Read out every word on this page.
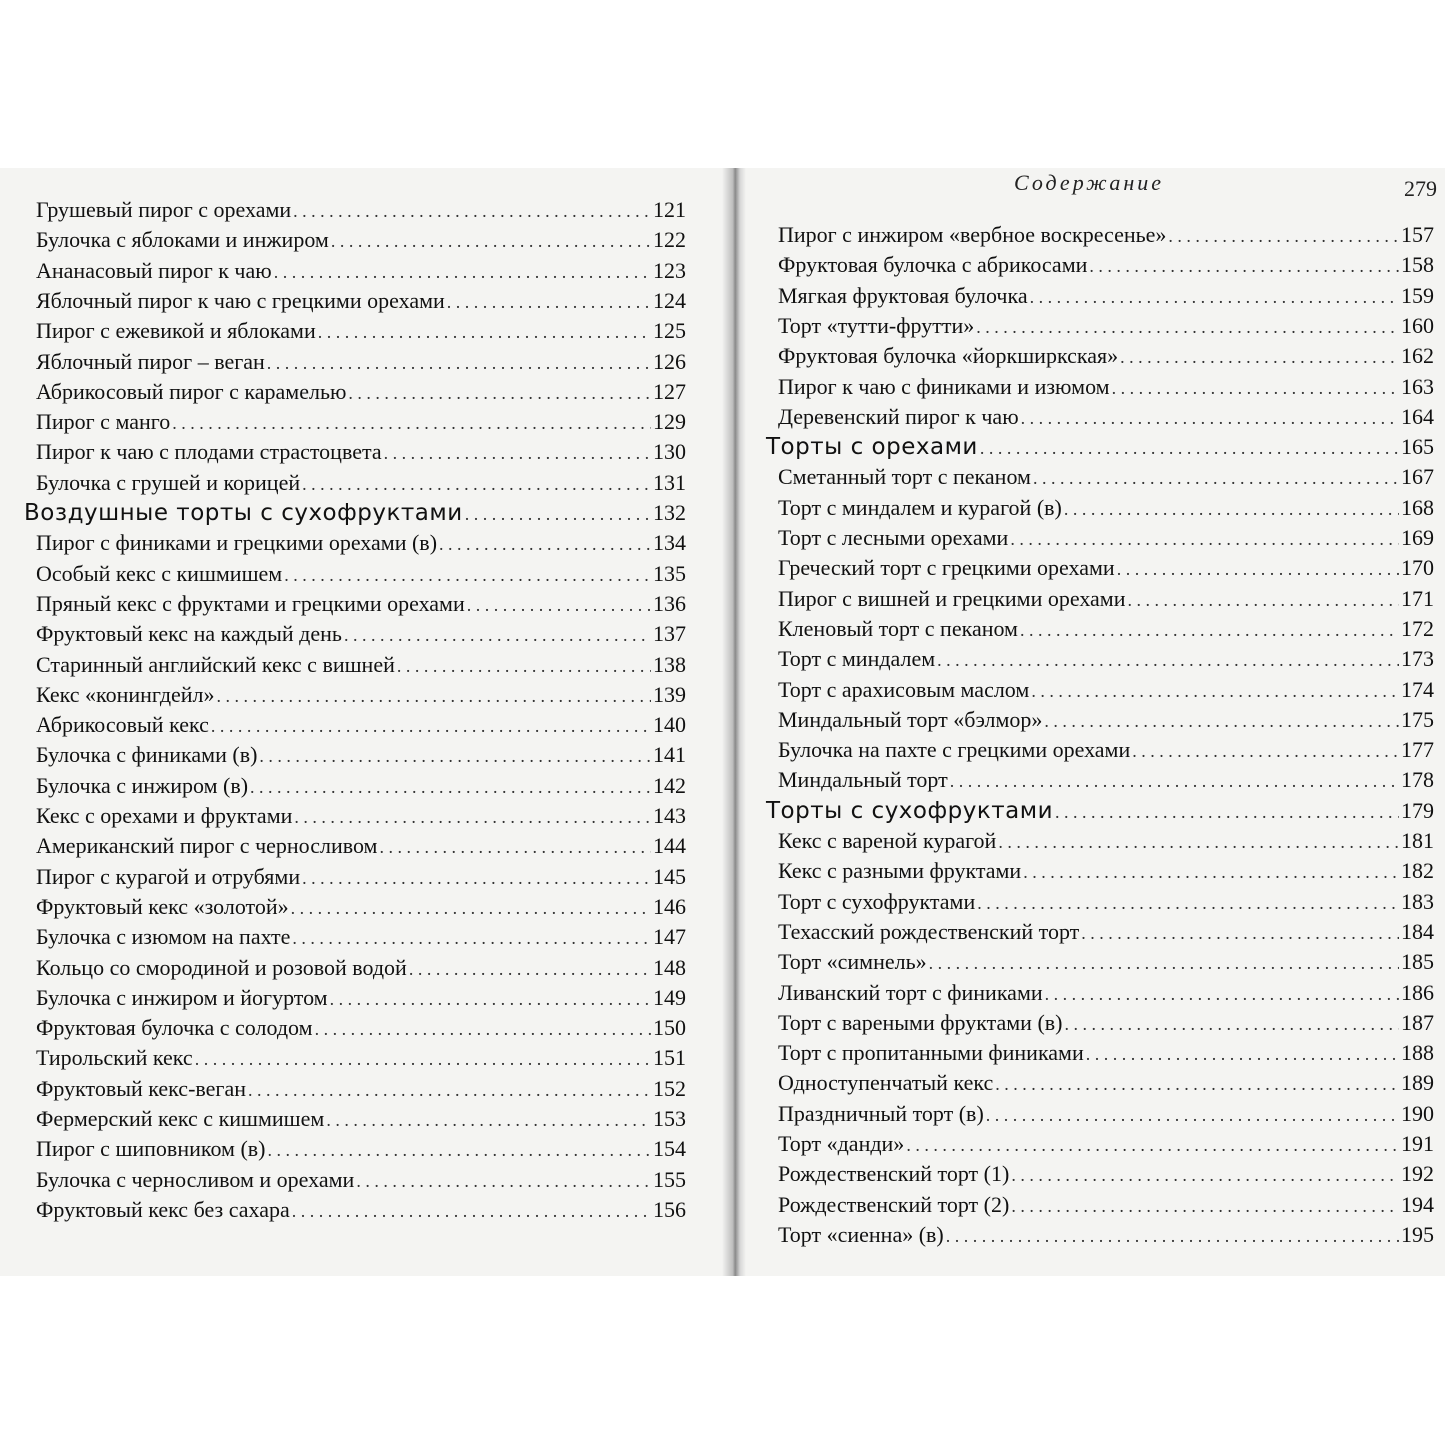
Грушевый пирог с орехами . . .	121
Булочка с яблоками и инжиром . . .	122
Ананасовый пирог к чаю . . .	123
Яблочный пирог к чаю с грецкими орехами . . .	124
Пирог с ежевикой и яблоками . . .	125
Яблочный пирог – веган . . .	126
Абрикосовый пирог с карамелью . . .	127
Пирог с манго . . .	129
Пирог к чаю с плодами страстоцвета . . .	130
Булочка с грушей и корицей . . .	131
Воздушные торты с сухофруктами . . .	132
Пирог с финиками и грецкими орехами (в) . . .	134
Особый кекс с кишмишем . . .	135
Пряный кекс с фруктами и грецкими орехами . . .	136
Фруктовый кекс на каждый день . . .	137
Старинный английский кекс с вишней . . .	138
Кекс «конингдейл» . . .	139
Абрикосовый кекс . . .	140
Булочка с финиками (в) . . .	141
Булочка с инжиром (в) . . .	142
Кекс с орехами и фруктами . . .	143
Американский пирог с черносливом . . .	144
Пирог с курагой и отрубями . . .	145
Фруктовый кекс «золотой» . . .	146
Булочка с изюмом на пахте . . .	147
Кольцо со смородиной и розовой водой . . .	148
Булочка с инжиром и йогуртом . . .	149
Фруктовая булочка с солодом . . .	150
Тирольский кекс . . .	151
Фруктовый кекс-веган . . .	152
Фермерский кекс с кишмишем . . .	153
Пирог с шиповником (в) . . .	154
Булочка с черносливом и орехами . . .	155
Фруктовый кекс без сахара . . .	156
Содержание	279
Пирог с инжиром «вербное воскресенье» . . .	157
Фруктовая булочка с абрикосами . . .	158
Мягкая фруктовая булочка . . .	159
Торт «тутти-фрутти» . . .	160
Фруктовая булочка «йоркширкская» . . .	162
Пирог к чаю с финиками и изюмом . . .	163
Деревенский пирог к чаю . . .	164
Торты с орехами . . .	165
Сметанный торт с пеканом . . .	167
Торт с миндалем и курагой (в) . . .	168
Торт с лесными орехами . . .	169
Греческий торт с грецкими орехами . . .	170
Пирог с вишней и грецкими орехами . . .	171
Кленовый торт с пеканом . . .	172
Торт с миндалем . . .	173
Торт с арахисовым маслом . . .	174
Миндальный торт «бэлмор» . . .	175
Булочка на пахте с грецкими орехами . . .	177
Миндальный торт . . .	178
Торты с сухофруктами . . .	179
Кекс с вареной курагой . . .	181
Кекс с разными фруктами . . .	182
Торт с сухофруктами . . .	183
Техасский рождественский торт . . .	184
Торт «симнель» . . .	185
Ливанский торт с финиками . . .	186
Торт с вареными фруктами (в) . . .	187
Торт с пропитанными финиками . . .	188
Одноступенчатый кекс . . .	189
Праздничный торт (в) . . .	190
Торт «данди» . . .	191
Рождественский торт (1) . . .	192
Рождественский торт (2) . . .	194
Торт «сиенна» (в) . . .	195
